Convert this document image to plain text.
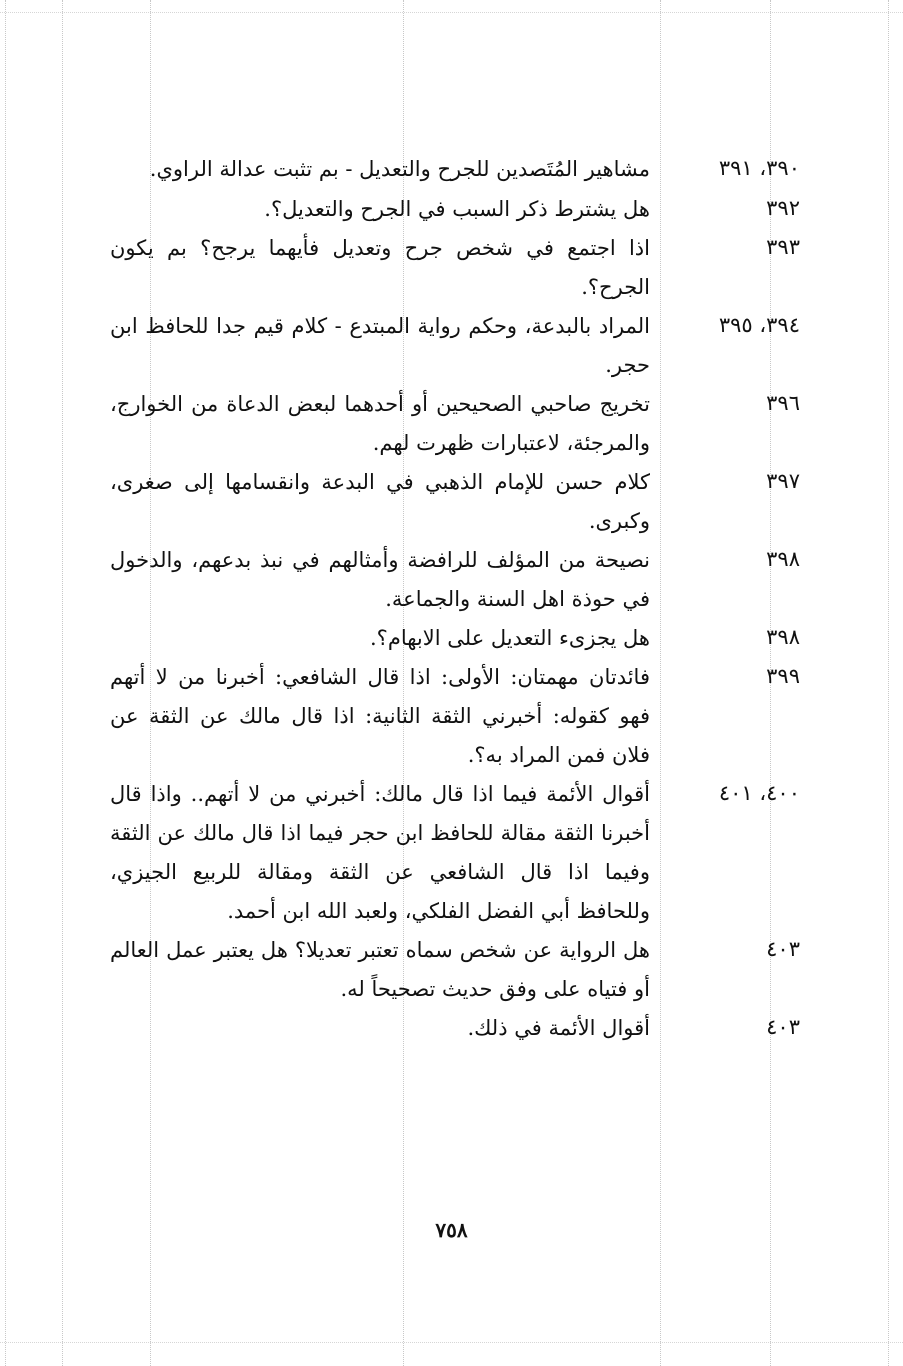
٣٩٠، ٣٩١
مشاهير المُتَصدين للجرح والتعديل - بم تثبت عدالة الراوي.
٣٩٢
هل يشترط ذكر السبب في الجرح والتعديل؟.
٣٩٣
اذا اجتمع في شخص جرح وتعديل فأيهما يرجح؟ بم يكون الجرح؟.
٣٩٤، ٣٩٥
المراد بالبدعة، وحكم رواية المبتدع - كلام قيم جدا للحافظ ابن حجر.
٣٩٦
تخريج صاحبي الصحيحين أو أحدهما لبعض الدعاة من الخوارج، والمرجئة، لاعتبارات ظهرت لهم.
٣٩٧
كلام حسن للإمام الذهبي في البدعة وانقسامها إلى صغرى، وكبرى.
٣٩٨
نصيحة من المؤلف للرافضة وأمثالهم في نبذ بدعهم، والدخول في حوذة اهل السنة والجماعة.
٣٩٨
هل يجزىء التعديل على الابهام؟.
٣٩٩
فائدتان مهمتان: الأولى: اذا قال الشافعي: أخبرنا من لا أتهم فهو كقوله: أخبرني الثقة الثانية: اذا قال مالك عن الثقة عن فلان فمن المراد به؟.
٤٠٠، ٤٠١
أقوال الأئمة فيما اذا قال مالك: أخبرني من لا أتهم.. واذا قال أخبرنا الثقة مقالة للحافظ ابن حجر فيما اذا قال مالك عن الثقة وفيما اذا قال الشافعي عن الثقة ومقالة للربيع الجيزي، وللحافظ أبي الفضل الفلكي، ولعبد الله ابن أحمد.
٤٠٣
هل الرواية عن شخص سماه تعتبر تعديلا؟ هل يعتبر عمل العالم أو فتياه على وفق حديث تصحيحاً له.
٤٠٣
أقوال الأئمة في ذلك.
٧٥٨
